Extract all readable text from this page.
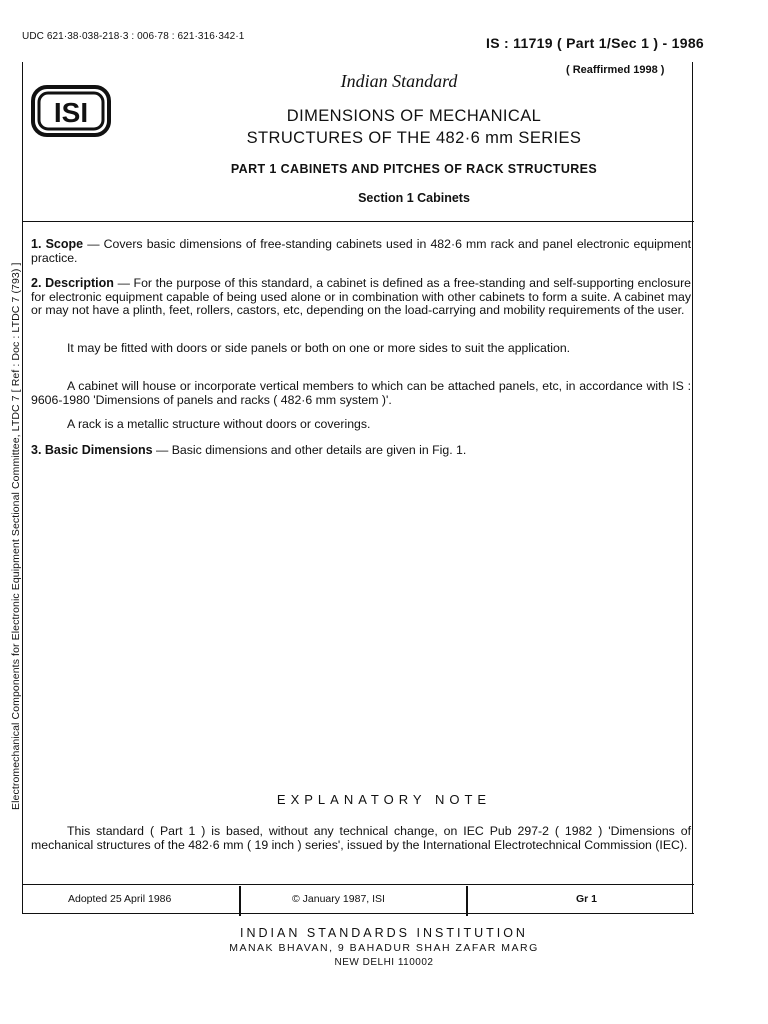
UDC 621·38·038-218·3 : 006·78 : 621·316·342·1	IS : 11719 ( Part 1/Sec 1 ) - 1986
( Reaffirmed 1998 )
ISI
Indian Standard
DIMENSIONS OF MECHANICAL
STRUCTURES OF THE 482·6 mm SERIES
PART 1 CABINETS AND PITCHES OF RACK STRUCTURES
Section 1 Cabinets
1. Scope — Covers basic dimensions of free-standing cabinets used in 482·6 mm rack and panel electronic equipment practice.
2. Description — For the purpose of this standard, a cabinet is defined as a free-standing and self-supporting enclosure for electronic equipment capable of being used alone or in combination with other cabinets to form a suite. A cabinet may or may not have a plinth, feet, rollers, castors, etc, depending on the load-carrying and mobility requirements of the user.
It may be fitted with doors or side panels or both on one or more sides to suit the application.
A cabinet will house or incorporate vertical members to which can be attached panels, etc, in accordance with IS : 9606-1980 'Dimensions of panels and racks ( 482·6 mm system )'.
A rack is a metallic structure without doors or coverings.
3. Basic Dimensions — Basic dimensions and other details are given in Fig. 1.
EXPLANATORY NOTE
This standard ( Part 1 ) is based, without any technical change, on IEC Pub 297-2 ( 1982 ) 'Dimensions of mechanical structures of the 482·6 mm ( 19 inch ) series', issued by the International Electrotechnical Commission (IEC).
Adopted 25 April 1986	© January 1987, ISI	Gr 1
INDIAN STANDARDS INSTITUTION
MANAK BHAVAN, 9 BAHADUR SHAH ZAFAR MARG
NEW DELHI 110002
Electromechanical Components for Electronic Equipment Sectional Committee, LTDC 7 [ Ref : Doc : LTDC 7 (793) ]
